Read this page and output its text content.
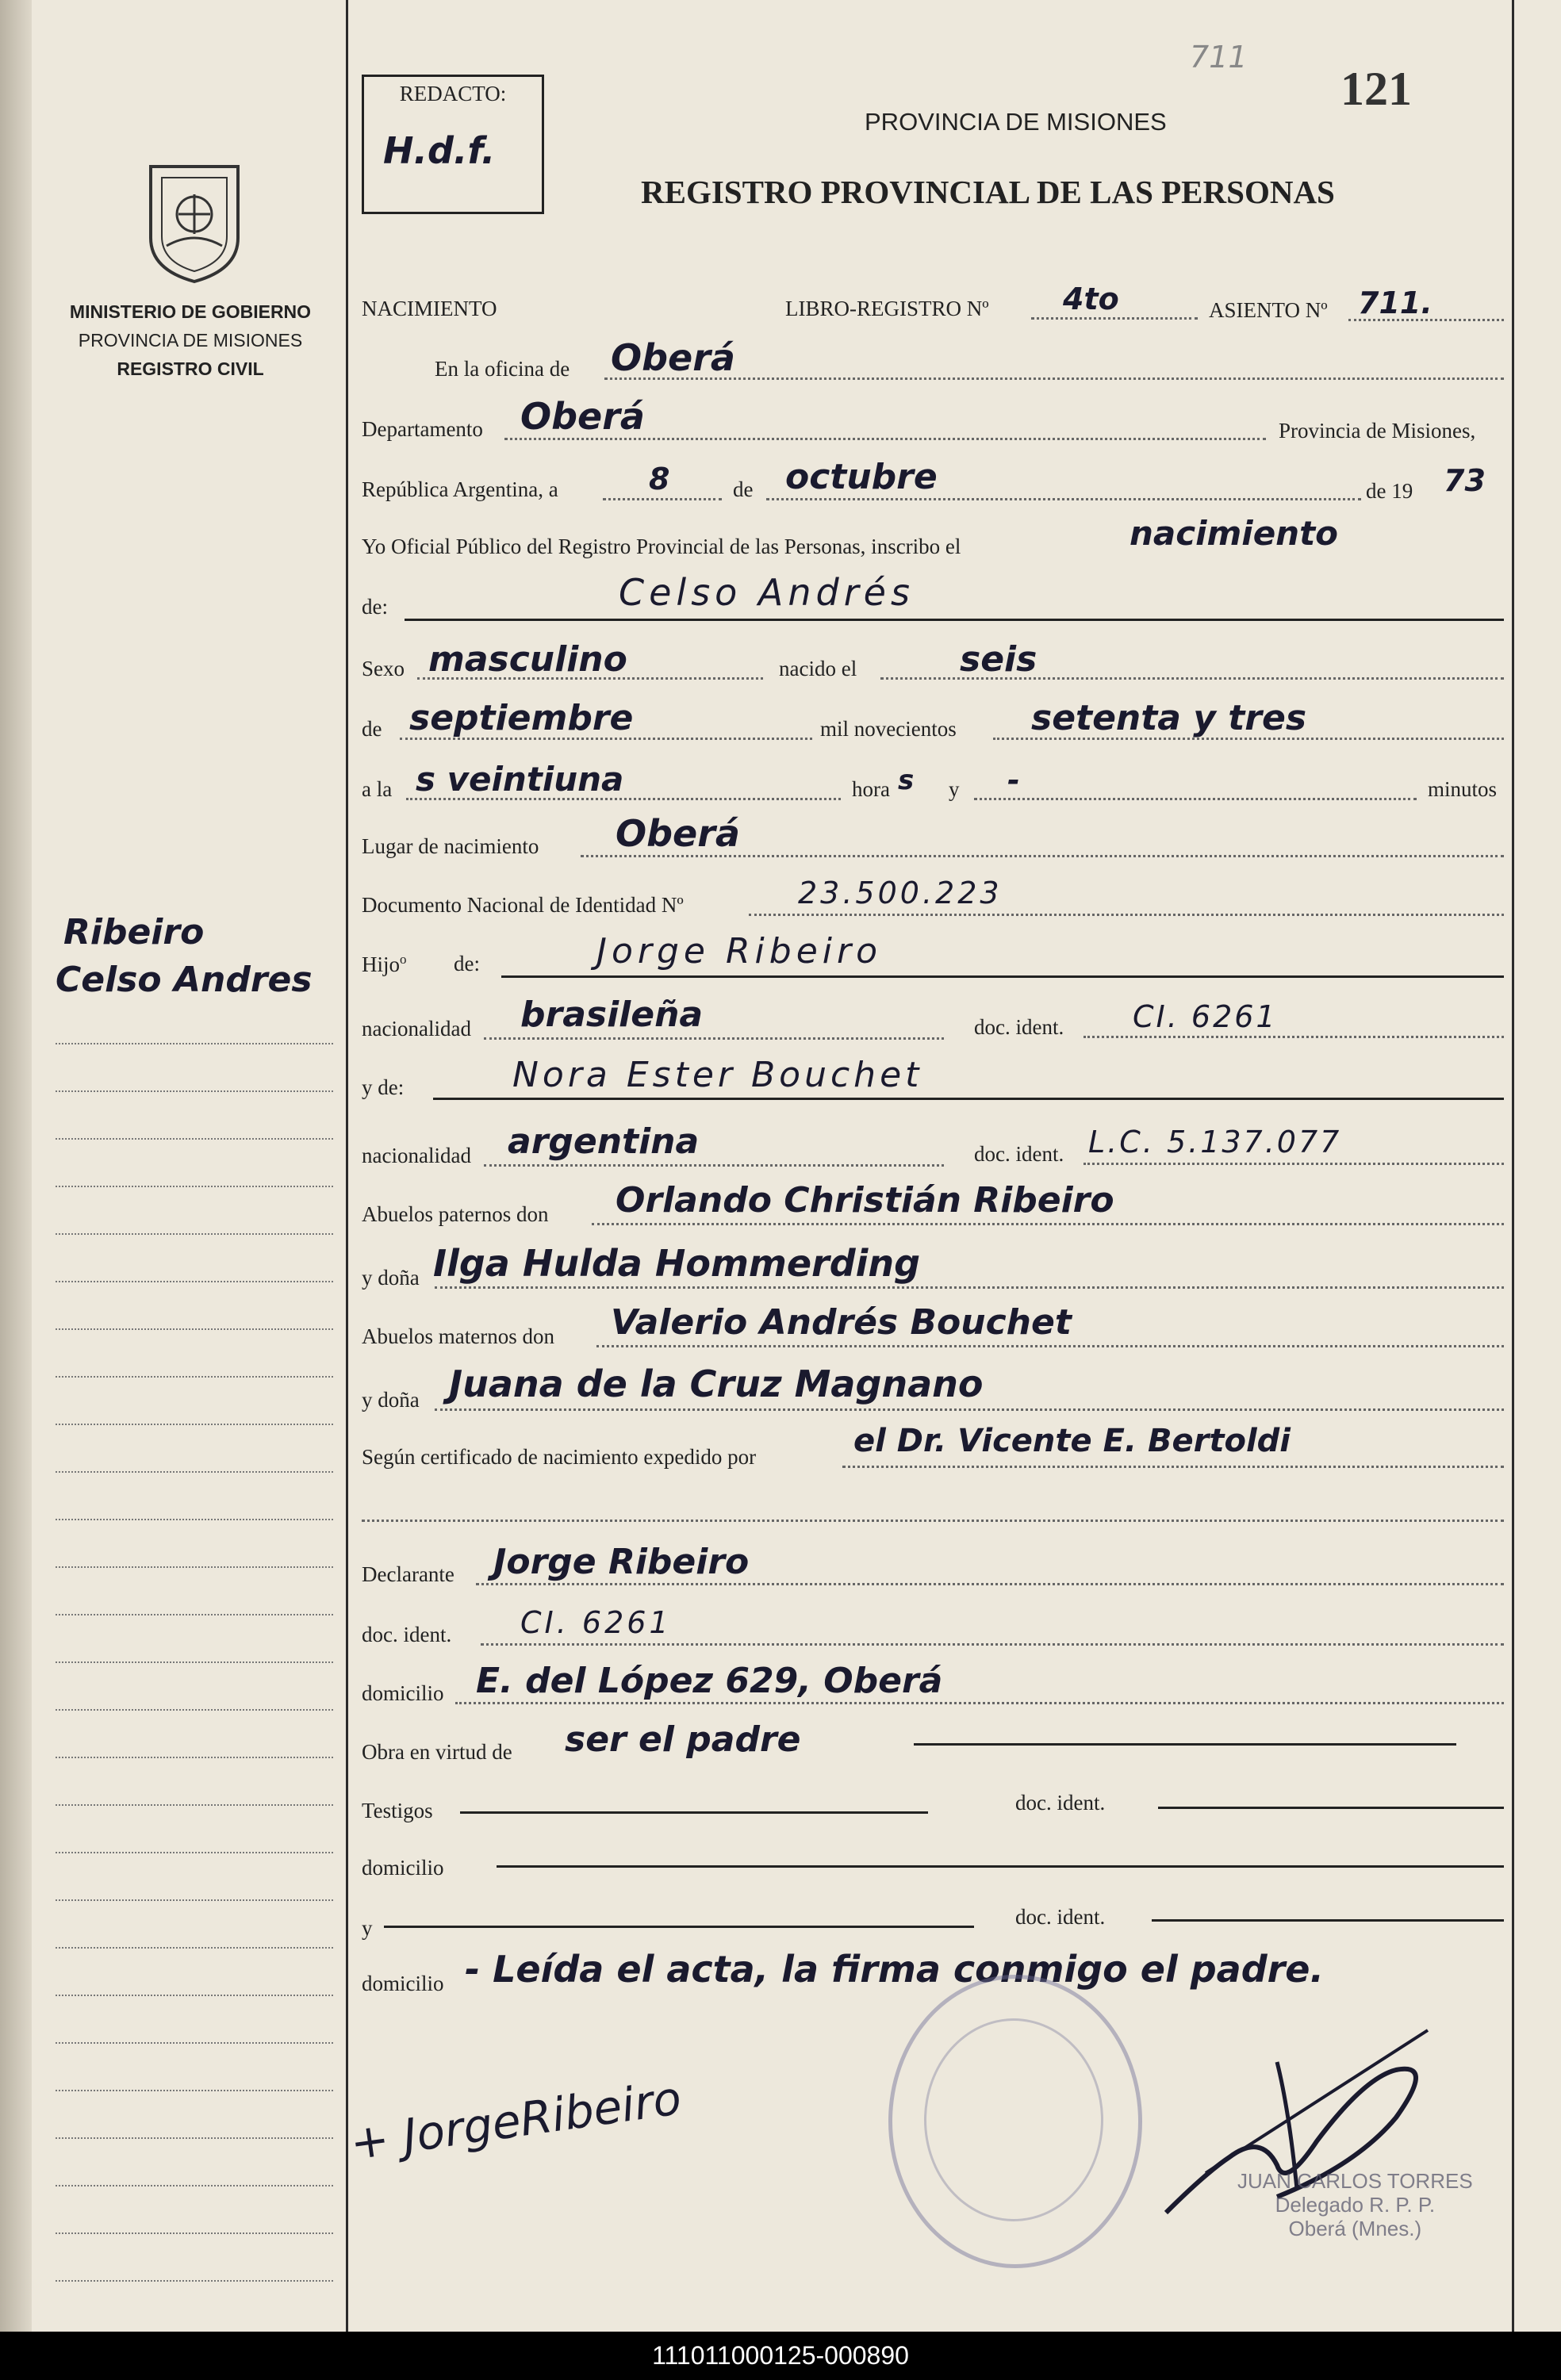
MINISTERIO DE GOBIERNO
PROVINCIA DE MISIONES
REGISTRO CIVIL
Ribeiro
Celso Andres
REDACTO:
H.d.f.
711
121
PROVINCIA DE MISIONES
REGISTRO PROVINCIAL DE LAS PERSONAS
NACIMIENTO	LIBRO-REGISTRO Nº 4to	ASIENTO Nº 711.
En la oficina de Oberá
Departamento Oberá	Provincia de Misiones,
República Argentina, a	8	de octubre	de 19 73
Yo Oficial Público del Registro Provincial de las Personas, inscribo el	nacimiento
de:	Celso Andrés
Sexo masculino	nacido el	seis
de septiembre	mil novecientos setenta y tres
a la s veintiuna	hora s y -	minutos
Lugar de nacimiento Oberá
Documento Nacional de Identidad Nº	23.500.223
Hijo$^o$ de:	Jorge Ribeiro
nacionalidad brasileña	doc. ident. CI. 6261
y de:	Nora Ester Bouchet
nacionalidad argentina	doc. ident. L.C. 5.137.077
Abuelos paternos don Orlando Christián Ribeiro
y doña Ilga Hulda Hommerding
Abuelos maternos don Valerio Andrés Bouchet
y doña Juana de la Cruz Magnano
Según certificado de nacimiento expedido por	el Dr. Vicente E. Bertoldi
Declarante Jorge Ribeiro
doc. ident. CI. 6261
domicilio E. del López 629, Oberá
Obra en virtud de ser el padre
Testigos	doc. ident.
domicilio
y	doc. ident.
domicilio - Leída el acta, la firma conmigo el padre.
+ JorgeRibeiro
JUAN CARLOS TORRES
Delegado R. P. P.
Oberá (Mnes.)
111011000125-000890
